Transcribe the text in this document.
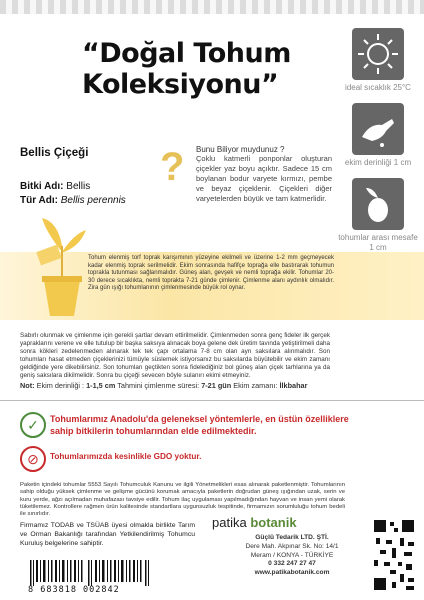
“Doğal Tohum Koleksiyonu”	ideal sıcaklık 25°C
ekim derinliği 1 cm
tohumlar arası mesafe 1 cm
Bellis Çiçeği
Bitki Adı: Bellis
Tür Adı: Bellis perennis
? Bunu Biliyor muydunuz ?
Çoklu katmerli ponponlar oluşturan çiçekler yaz boyu açıktır. Sadece 15 cm boylanan bodur varyete kırmızı, pembe ve beyaz çiçeklenir. Çiçekleri diğer varyetelerden büyük ve tam katmerlidir.
Tohum elenmiş torf toprak karışımının yüzeyine ekilmeli ve üzerine 1-2 mm geçmeyecek kadar elenmiş toprak serilmelidir. Ekim sonrasında hafifçe toprağa elle bastırarak tohumun toprakla tutunması sağlanmalıdır. Güneş alan, gevşek ve nemli toprağa ekilir. Tohumlar 20-30 derece sıcaklıkta, nemli toprakta 7-21 günde çimlenir. Çimlenme alanı aydınlık olmalıdır. Zira gün ışığı tohumlanının çimlenmesinde büyük rol oynar.
Sabırlı olunmak ve çimlenme için gerekli şartlar devam ettirilmelidir. Çimlenmeden sonra genç fideler ilk gerçek yapraklarını verene ve elle tutulup bir başka saksıya alınacak boya gelene dek üretim tavında yetiştirilmeli daha sonra kökleri zedelenmeden alınarak tek tek çapı ortalama 7-8 cm olan ayrı saksılara alınmalıdır. Son tohumları hasat etmeden çiçeklerinizi tümüyle süslemek istiyorsanız bu saksılarda büyütebilir ve ekim zamanı geldiğinde yere dikebilirsiniz. Son tohumları geçtikten sonra fidelediğiniz bol güneş alan çiçek tarhlarına ya da geniş saksılara dikilmelidir. Sonra bu çiçeği sevecen böyle sulanırı ekimi etmeyiniz.
Not: Ekim derinliği : 1-1,5 cm Tahmini çimlenme süresi: 7-21 gün Ekim zamanı: İlkbahar
✓	Tohumlarımız Anadolu'da geleneksel yöntemlerle, en üstün özelliklere sahip bitkilerin tohumlarından elde edilmektedir.
⊘	Tohumlarımızda kesinlikle GDO yoktur.
Paketin içindeki tohumlar 5553 Sayılı Tohumculuk Kanunu ve ilgili Yönetmelikleri esas alınarak paketlenmiştir. Tohumlarının sahip olduğu yüksek çimlenme ve gelişme gücünü korumak amacıyla paketlerin doğrudan güneş ışığından uzak, serin ve kuru yerde, ağzı açılmadan muhafazası tavsiye edilir. Tohum ilaç uygulaması yapılmadığından hayvan ve insan yemi olarak tüketilemez. Kontrollere rağmen ürün kalitesinde standartlara uygunsuzluk tespitinde, firmamızın sorumluluğu tohum bedeli ile sınırlıdır.
Firmamız TODAB ve TSÜAB üyesi olmakla birlikte Tarım ve Orman Bakanlığı tarafından Yetkilendirilmiş Tohumcu Kuruluş belgelerine sahiptir.
patika botanik
Güçlü Tedarik LTD. ŞTİ.
Dere Mah. Akpınar Sk. No: 14/1
Meram / KONYA - TÜRKİYE
0 332 247 27 47
www.patikabotanik.com
8 683818 002842
